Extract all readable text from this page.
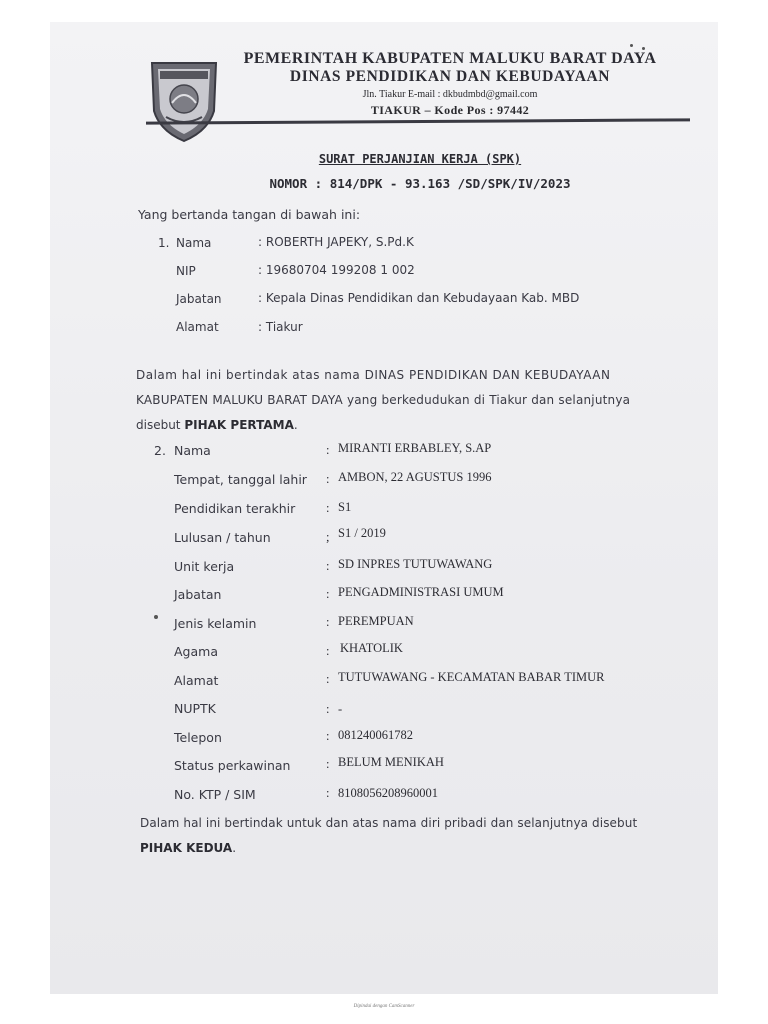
PEMERINTAH KABUPATEN MALUKU BARAT DAYA
DINAS PENDIDIKAN DAN KEBUDAYAAN
Jln. Tiakur E-mail : dkbudmbd@gmail.com
TIAKUR – Kode Pos : 97442
SURAT PERJANJIAN KERJA (SPK)
NOMOR : 814/DPK - 93.163 /SD/SPK/IV/2023
Yang bertanda tangan di bawah ini:
1. Nama	: ROBERTH JAPEKY, S.Pd.K
NIP	: 19680704 199208 1 002
Jabatan	: Kepala Dinas Pendidikan dan Kebudayaan Kab. MBD
Alamat	: Tiakur
Dalam hal ini bertindak atas nama DINAS PENDIDIKAN DAN KEBUDAYAAN
KABUPATEN MALUKU BARAT DAYA yang berkedudukan di Tiakur dan selanjutnya
disebut PIHAK PERTAMA.
2. Nama	: MIRANTI ERBABLEY, S.AP
Tempat, tanggal lahir : AMBON, 22 AGUSTUS 1996
Pendidikan terakhir : S1
Lulusan / tahun	; S1 / 2019
Unit kerja	: SD INPRES TUTUWAWANG
Jabatan	: PENGADMINISTRASI UMUM
Jenis kelamin	: PEREMPUAN
Agama	: KHATOLIK
Alamat	: TUTUWAWANG - KECAMATAN BABAR TIMUR
NUPTK	: -
Telepon	: 081240061782
Status perkawinan	: BELUM MENIKAH
No. KTP / SIM	: 8108056208960001
Dalam hal ini bertindak untuk dan atas nama diri pribadi dan selanjutnya disebut
PIHAK KEDUA.
Dipindai dengan CamScanner
